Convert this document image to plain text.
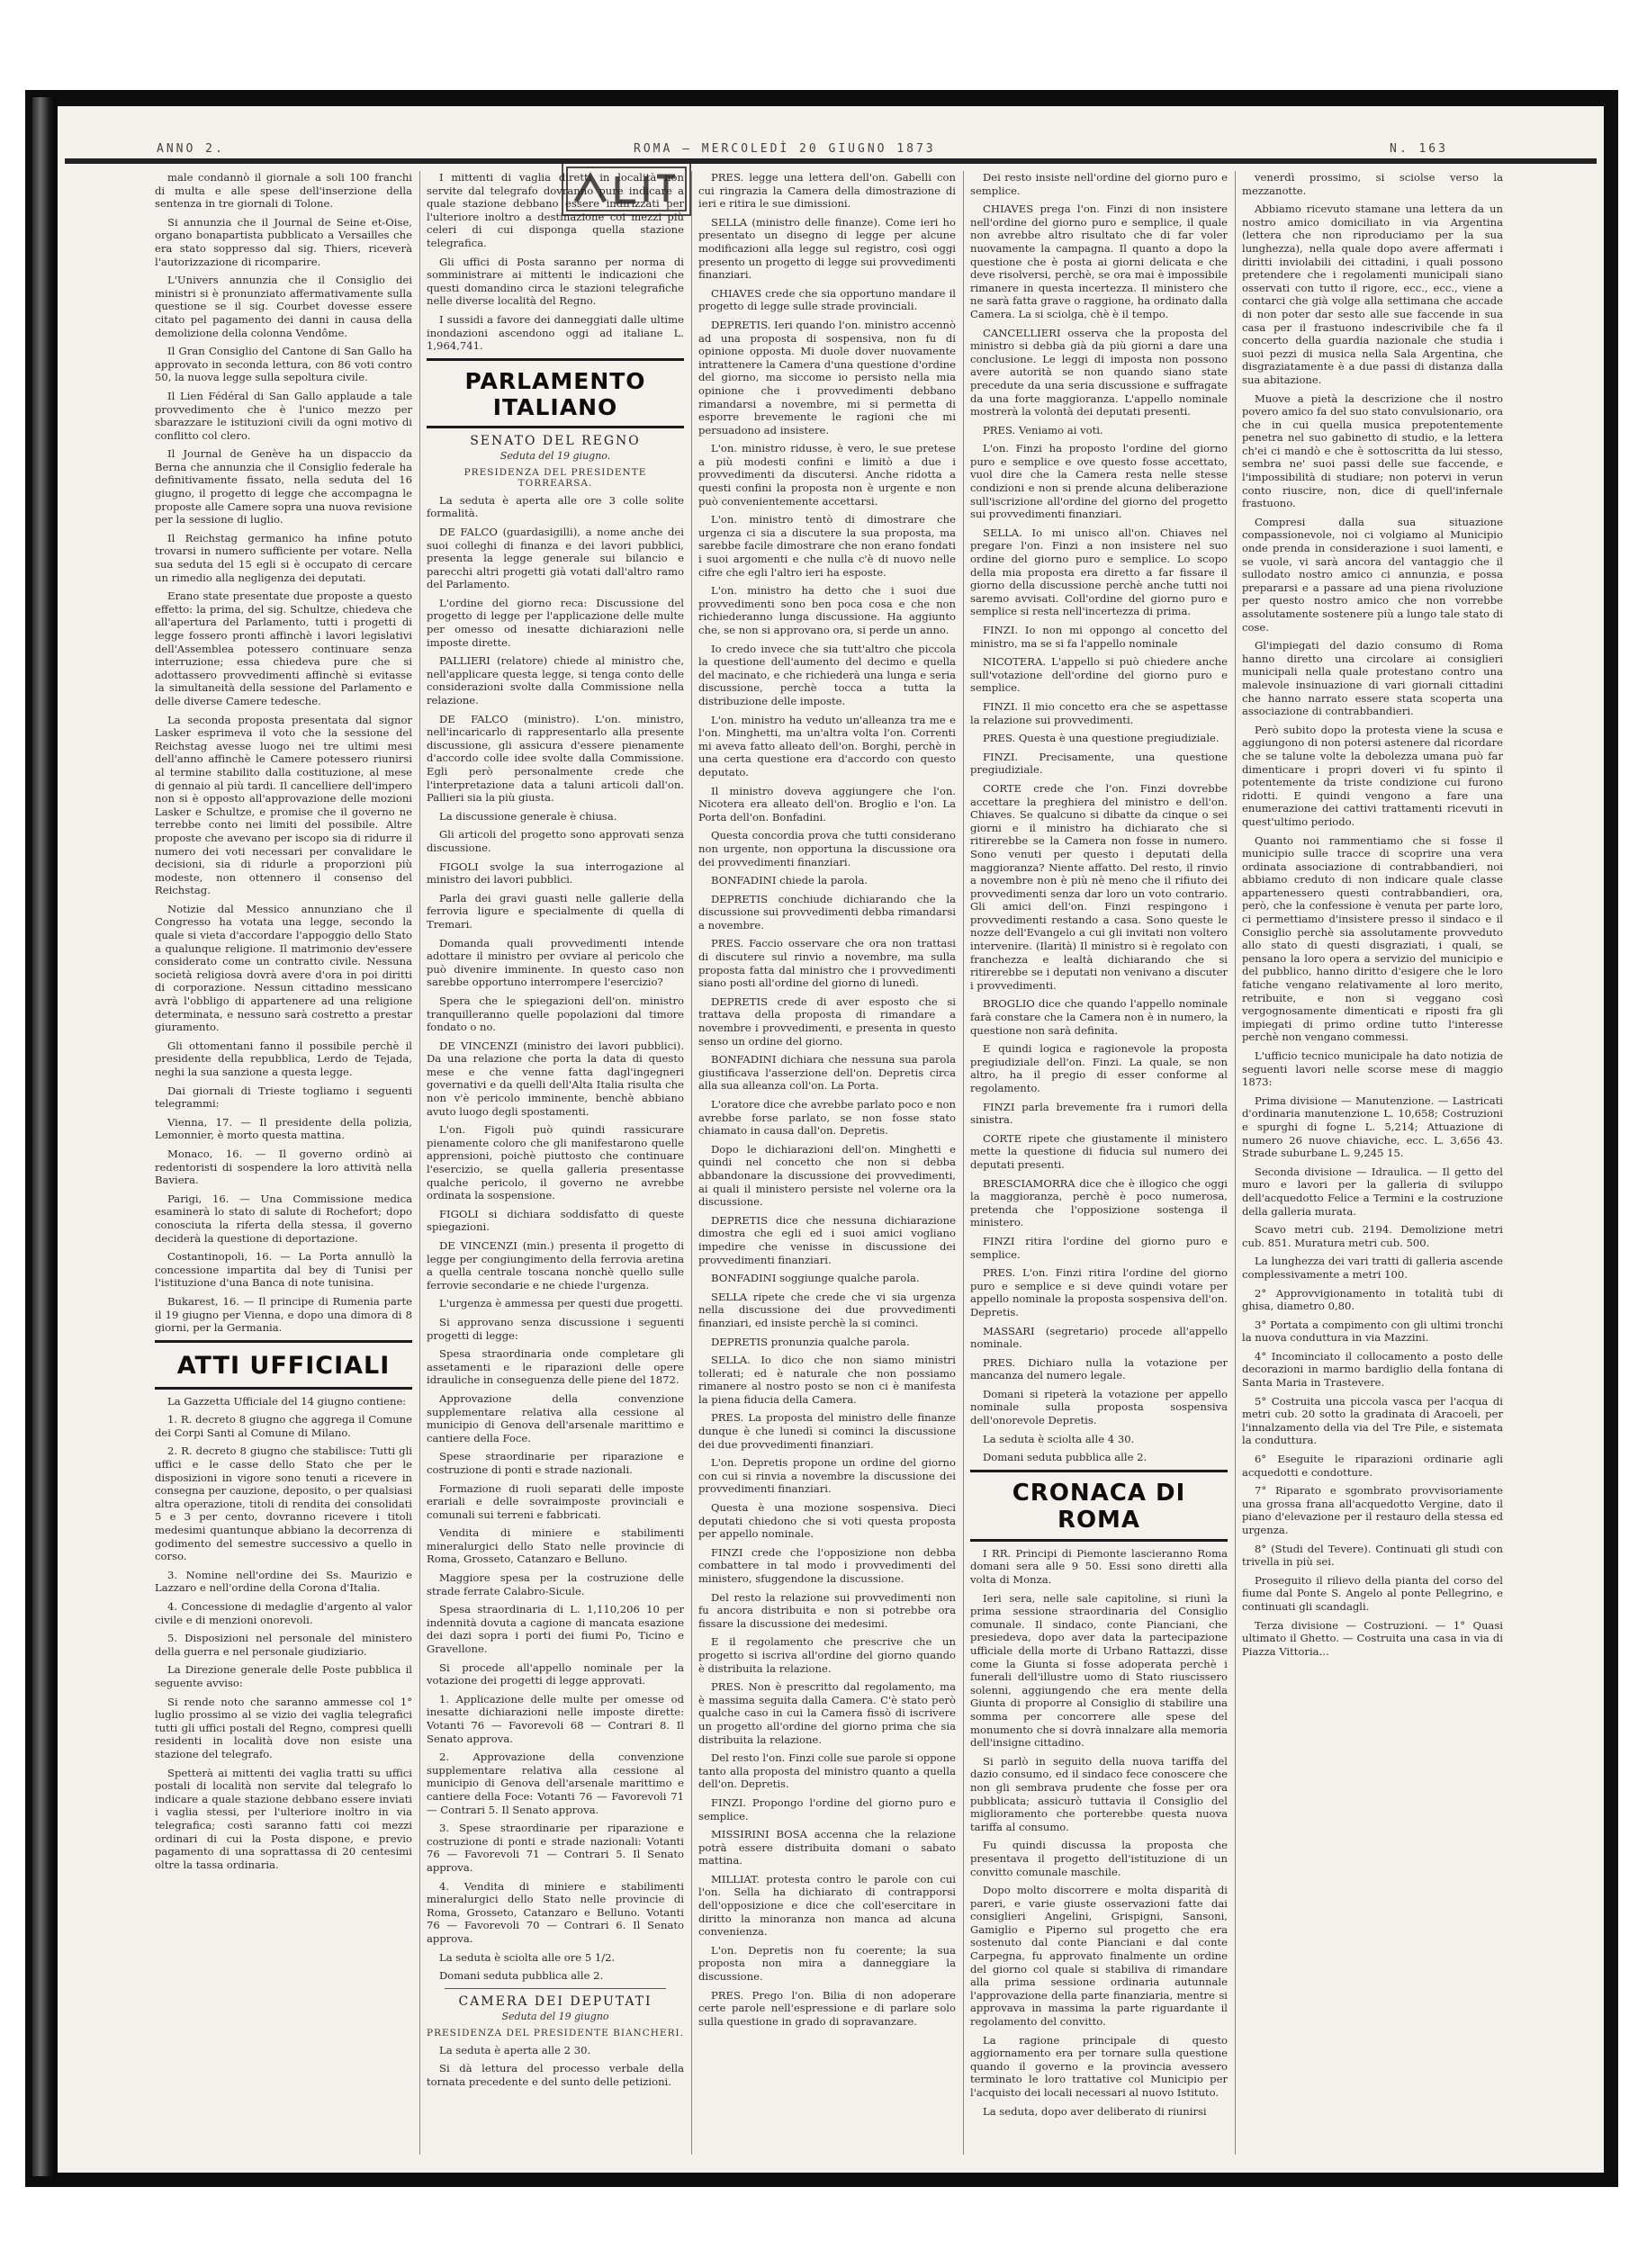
ANNO 2.	ROMA — MERCOLEDÌ 20 GIUGNO 1873	N. 163

male condannò il giornale a soli 100 franchi di multa e alle spese dell'inserzione della sentenza in tre giornali di Tolone.

Si annunzia che il Journal de Seine et-Oise, organo bonapartista pubblicato a Versailles che era stato soppresso dal sig. Thiers, riceverà l'autorizzazione di ricomparire.

L'Univers annunzia che il Consiglio dei ministri si è pronunziato affermativamente sulla questione se il sig. Courbet dovesse essere citato pel pagamento dei danni in causa della demolizione della colonna Vendôme.

Il Gran Consiglio del Cantone di San Gallo ha approvato in seconda lettura, con 86 voti contro 50, la nuova legge sulla sepoltura civile.

Il Lien Fédéral di San Gallo applaude a tale provvedimento che è l'unico mezzo per sbarazzare le istituzioni civili da ogni motivo di conflitto col clero.

Il Journal de Genève ha un dispaccio da Berna che annunzia che il Consiglio federale ha definitivamente fissato, nella seduta del 16 giugno, il progetto di legge che accompagna le proposte alle Camere sopra una nuova revisione per la sessione di luglio.

Il Reichstag germanico ha infine potuto trovarsi in numero sufficiente per votare. Nella sua seduta del 15 egli si è occupato di cercare un rimedio alla negligenza dei deputati.

Erano state presentate due proposte a questo effetto: la prima, del sig. Schultze, chiedeva che all'apertura del Parlamento, tutti i progetti di legge fossero pronti affinchè i lavori legislativi dell'Assemblea potessero continuare senza interruzione; essa chiedeva pure che si adottassero provvedimenti affinchè si evitasse la simultaneità della sessione del Parlamento e delle diverse Camere tedesche.

La seconda proposta presentata dal signor Lasker esprimeva il voto che la sessione del Reichstag avesse luogo nei tre ultimi mesi dell'anno affinchè le Camere potessero riunirsi al termine stabilito dalla costituzione, al mese di gennaio al più tardi. Il cancelliere dell'impero non si è opposto all'approvazione delle mozioni Lasker e Schultze, e promise che il governo ne terrebbe conto nei limiti del possibile. Altre proposte che avevano per iscopo sia di ridurre il numero dei voti necessari per convalidare le decisioni, sia di ridurle a proporzioni più modeste, non ottennero il consenso del Reichstag.

Notizie dal Messico annunziano che il Congresso ha votata una legge, secondo la quale si vieta d'accordare l'appoggio dello Stato a qualunque religione. Il matrimonio dev'essere considerato come un contratto civile. Nessuna società religiosa dovrà avere d'ora in poi diritti di corporazione. Nessun cittadino messicano avrà l'obbligo di appartenere ad una religione determinata, e nessuno sarà costretto a prestar giuramento.

Gli ottomentani fanno il possibile perchè il presidente della repubblica, Lerdo de Tejada, neghi la sua sanzione a questa legge.

Dai giornali di Trieste togliamo i seguenti telegrammi:

Vienna, 17. — Il presidente della polizia, Lemonnier, è morto questa mattina.

Monaco, 16. — Il governo ordinò ai redentoristi di sospendere la loro attività nella Baviera.

Parigi, 16. — Una Commissione medica esaminerà lo stato di salute di Rochefort; dopo conosciuta la riferta della stessa, il governo deciderà la questione di deportazione.

Costantinopoli, 16. — La Porta annullò la concessione impartita dal bey di Tunisi per l'istituzione d'una Banca di note tunisina.

Bukarest, 16. — Il principe di Rumenia parte il 19 giugno per Vienna, e dopo una dimora di 8 giorni, per la Germania.

ATTI UFFICIALI

La Gazzetta Ufficiale del 14 giugno contiene:

1. R. decreto 8 giugno che aggrega il Comune dei Corpi Santi al Comune di Milano.

2. R. decreto 8 giugno che stabilisce: Tutti gli uffici e le casse dello Stato che per le disposizioni in vigore sono tenuti a ricevere in consegna per cauzione, deposito, o per qualsiasi altra operazione, titoli di rendita dei consolidati 5 e 3 per cento, dovranno ricevere i titoli medesimi quantunque abbiano la decorrenza di godimento del semestre successivo a quello in corso.

3. Nomine nell'ordine dei Ss. Maurizio e Lazzaro e nell'ordine della Corona d'Italia.

4. Concessione di medaglie d'argento al valor civile e di menzioni onorevoli.

5. Disposizioni nel personale del ministero della guerra e nel personale giudiziario.

La Direzione generale delle Poste pubblica il seguente avviso:

Si rende noto che saranno ammesse col 1° luglio prossimo al se vizio dei vaglia telegrafici tutti gli uffici postali del Regno, compresi quelli residenti in località dove non esiste una stazione del telegrafo.

Spetterà ai mittenti dei vaglia tratti su uffici postali di località non servite dal telegrafo lo indicare a quale stazione debbano essere inviati i vaglia stessi, per l'ulteriore inoltro in via telegrafica; costì saranno fatti coi mezzi ordinari di cui la Posta dispone, e previo pagamento di una soprattassa di 20 centesimi oltre la tassa ordinaria.

I mittenti di vaglia diretti in località non servite dal telegrafo dovranno pure indicare a quale stazione debbano essere indirizzati per l'ulteriore inoltro a destinazione coi mezzi più celeri di cui disponga quella stazione telegrafica.

Gli uffici di Posta saranno per norma di somministrare ai mittenti le indicazioni che questi domandino circa le stazioni telegrafiche nelle diverse località del Regno.

I sussidi a favore dei danneggiati dalle ultime inondazioni ascendono oggi ad italiane L. 1,964,741.

PARLAMENTO ITALIANO
SENATO DEL REGNO
Seduta del 19 giugno.
PRESIDENZA DEL PRESIDENTE TORREARSA.

La seduta è aperta alle ore 3 colle solite formalità.

DE FALCO (guardasigilli), a nome anche dei suoi colleghi di finanza e dei lavori pubblici, presenta la legge generale sui bilancio e parecchi altri progetti già votati dall'altro ramo del Parlamento.

L'ordine del giorno reca: Discussione del progetto di legge per l'applicazione delle multe per omesso od inesatte dichiarazioni nelle imposte dirette.

PALLIERI (relatore) chiede al ministro che, nell'applicare questa legge, si tenga conto delle considerazioni svolte dalla Commissione nella relazione.

DE FALCO (ministro). L'on. ministro, nell'incaricarlo di rappresentarlo alla presente discussione, gli assicura d'essere pienamente d'accordo colle idee svolte dalla Commissione. Egli però personalmente crede che l'interpretazione data a taluni articoli dall'on. Pallieri sia la più giusta.

La discussione generale è chiusa.

Gli articoli del progetto sono approvati senza discussione.

FIGOLI svolge la sua interrogazione al ministro dei lavori pubblici.

Parla dei gravi guasti nelle gallerie della ferrovia ligure e specialmente di quella di Tremari.

Domanda quali provvedimenti intende adottare il ministro per ovviare al pericolo che può divenire imminente. In questo caso non sarebbe opportuno interrompere l'esercizio?

Spera che le spiegazioni dell'on. ministro tranquilleranno quelle popolazioni dal timore fondato o no.

DE VINCENZI (ministro dei lavori pubblici). Da una relazione che porta la data di questo mese e che venne fatta dagl'ingegneri governativi e da quelli dell'Alta Italia risulta che non v'è pericolo imminente, benchè abbiano avuto luogo degli spostamenti.

L'on. Figoli può quindi rassicurare pienamente coloro che gli manifestarono quelle apprensioni, poichè piuttosto che continuare l'esercizio, se quella galleria presentasse qualche pericolo, il governo ne avrebbe ordinata la sospensione.

FIGOLI si dichiara soddisfatto di queste spiegazioni.

DE VINCENZI (min.) presenta il progetto di legge per congiungimento della ferrovia aretina a quella centrale toscana nonchè quello sulle ferrovie secondarie e ne chiede l'urgenza.

L'urgenza è ammessa per questi due progetti.

Si approvano senza discussione i seguenti progetti di legge:

Spesa straordinaria onde completare gli assetamenti e le riparazioni delle opere idrauliche in conseguenza delle piene del 1872.

Approvazione della convenzione supplementare relativa alla cessione al municipio di Genova dell'arsenale marittimo e cantiere della Foce.

Spese straordinarie per riparazione e costruzione di ponti e strade nazionali.

Formazione di ruoli separati delle imposte erariali e delle sovraimposte provinciali e comunali sui terreni e fabbricati.

Vendita di miniere e stabilimenti mineralurgici dello Stato nelle provincie di Roma, Grosseto, Catanzaro e Belluno.

Maggiore spesa per la costruzione delle strade ferrate Calabro-Sicule.

Spesa straordinaria di L. 1,110,206 10 per indennità dovuta a cagione di mancata esazione dei dazi sopra i porti dei fiumi Po, Ticino e Gravellone.

Si procede all'appello nominale per la votazione dei progetti di legge approvati.

1. Applicazione delle multe per omesse od inesatte dichiarazioni nelle imposte dirette: Votanti 76 — Favorevoli 68 — Contrari 8. Il Senato approva.

2. Approvazione della convenzione supplementare relativa alla cessione al municipio di Genova dell'arsenale marittimo e cantiere della Foce: Votanti 76 — Favorevoli 71 — Contrari 5. Il Senato approva.

3. Spese straordinarie per riparazione e costruzione di ponti e strade nazionali: Votanti 76 — Favorevoli 71 — Contrari 5. Il Senato approva.

4. Vendita di miniere e stabilimenti mineralurgici dello Stato nelle provincie di Roma, Grosseto, Catanzaro e Belluno. Votanti 76 — Favorevoli 70 — Contrari 6. Il Senato approva.

La seduta è sciolta alle ore 5 1/2.

Domani seduta pubblica alle 2.

CAMERA DEI DEPUTATI
Seduta del 19 giugno
PRESIDENZA DEL PRESIDENTE BIANCHERI.

La seduta è aperta alle 2 30.

Si dà lettura del processo verbale della tornata precedente e del sunto delle petizioni.

PRES. legge una lettera dell'on. Gabelli con cui ringrazia la Camera della dimostrazione di ieri e ritira le sue dimissioni.

SELLA (ministro delle finanze). Come ieri ho presentato un disegno di legge per alcune modificazioni alla legge sul registro, così oggi presento un progetto di legge sui provvedimenti finanziari.

CHIAVES crede che sia opportuno mandare il progetto di legge sulle strade provinciali.

DEPRETIS. Ieri quando l'on. ministro accennò ad una proposta di sospensiva, non fu di opinione opposta. Mi duole dover nuovamente intrattenere la Camera d'una questione d'ordine del giorno, ma siccome io persisto nella mia opinione che i provvedimenti debbano rimandarsi a novembre, mi si permetta di esporre brevemente le ragioni che mi persuadono ad insistere.

L'on. ministro ridusse, è vero, le sue pretese a più modesti confini e limitò a due i provvedimenti da discutersi. Anche ridotta a questi confini la proposta non è urgente e non può convenientemente accettarsi.

L'on. ministro tentò di dimostrare che urgenza ci sia a discutere la sua proposta, ma sarebbe facile dimostrare che non erano fondati i suoi argomenti e che nulla c'è di nuovo nelle cifre che egli l'altro ieri ha esposte.

L'on. ministro ha detto che i suoi due provvedimenti sono ben poca cosa e che non richiederanno lunga discussione. Ha aggiunto che, se non si approvano ora, si perde un anno.

Io credo invece che sia tutt'altro che piccola la questione dell'aumento del decimo e quella del macinato, e che richiederà una lunga e seria discussione, perchè tocca a tutta la distribuzione delle imposte.

L'on. ministro ha veduto un'alleanza tra me e l'on. Minghetti, ma un'altra volta l'on. Correnti mi aveva fatto alleato dell'on. Borghi, perchè in una certa questione era d'accordo con questo deputato.

Il ministro doveva aggiungere che l'on. Nicotera era alleato dell'on. Broglio e l'on. La Porta dell'on. Bonfadini.

Questa concordia prova che tutti considerano non urgente, non opportuna la discussione ora dei provvedimenti finanziari.

BONFADINI chiede la parola.

DEPRETIS conchiude dichiarando che la discussione sui provvedimenti debba rimandarsi a novembre.

PRES. Faccio osservare che ora non trattasi di discutere sul rinvio a novembre, ma sulla proposta fatta dal ministro che i provvedimenti siano posti all'ordine del giorno di lunedì.

DEPRETIS crede di aver esposto che si trattava della proposta di rimandare a novembre i provvedimenti, e presenta in questo senso un ordine del giorno.

BONFADINI dichiara che nessuna sua parola giustificava l'asserzione dell'on. Depretis circa alla sua alleanza coll'on. La Porta.

L'oratore dice che avrebbe parlato poco e non avrebbe forse parlato, se non fosse stato chiamato in causa dall'on. Depretis.

Dopo le dichiarazioni dell'on. Minghetti e quindi nel concetto che non si debba abbandonare la discussione dei provvedimenti, ai quali il ministero persiste nel volerne ora la discussione.

DEPRETIS dice che nessuna dichiarazione dimostra che egli ed i suoi amici vogliano impedire che venisse in discussione dei provvedimenti finanziari.

BONFADINI soggiunge qualche parola.

SELLA ripete che crede che vi sia urgenza nella discussione dei due provvedimenti finanziari, ed insiste perchè la si cominci.

DEPRETIS pronunzia qualche parola.

SELLA. Io dico che non siamo ministri tollerati; ed è naturale che non possiamo rimanere al nostro posto se non ci è manifesta la piena fiducia della Camera.

PRES. La proposta del ministro delle finanze dunque è che lunedì si cominci la discussione dei due provvedimenti finanziari.

L'on. Depretis propone un ordine del giorno con cui si rinvia a novembre la discussione dei provvedimenti finanziari.

Questa è una mozione sospensiva. Dieci deputati chiedono che si voti questa proposta per appello nominale.

FINZI crede che l'opposizione non debba combattere in tal modo i provvedimenti del ministero, sfuggendone la discussione.

Del resto la relazione sui provvedimenti non fu ancora distribuita e non si potrebbe ora fissare la discussione dei medesimi.

E il regolamento che prescrive che un progetto si iscriva all'ordine del giorno quando è distribuita la relazione.

PRES. Non è prescritto dal regolamento, ma è massima seguita dalla Camera. C'è stato però qualche caso in cui la Camera fissò di iscrivere un progetto all'ordine del giorno prima che sia distribuita la relazione.

Del resto l'on. Finzi colle sue parole si oppone tanto alla proposta del ministro quanto a quella dell'on. Depretis.

FINZI. Propongo l'ordine del giorno puro e semplice.

MISSIRINI BOSA accenna che la relazione potrà essere distribuita domani o sabato mattina.

MILLIAT. protesta contro le parole con cui l'on. Sella ha dichiarato di contrapporsi dell'opposizione e dice che coll'esercitare in diritto la minoranza non manca ad alcuna convenienza.

L'on. Depretis non fu coerente; la sua proposta non mira a danneggiare la discussione.

PRES. Prego l'on. Bilia di non adoperare certe parole nell'espressione e di parlare solo sulla questione in grado di sopravanzare.

Dei resto insiste nell'ordine del giorno puro e semplice.

CHIAVES prega l'on. Finzi di non insistere nell'ordine del giorno puro e semplice, il quale non avrebbe altro risultato che di far voler nuovamente la campagna. Il quanto a dopo la questione che è posta ai giorni delicata e che deve risolversi, perchè, se ora mai è impossibile rimanere in questa incertezza. Il ministero che ne sarà fatta grave o raggione, ha ordinato dalla Camera. La si sciolga, chè è il tempo.

CANCELLIERI osserva che la proposta del ministro si debba già da più giorni a dare una conclusione. Le leggi di imposta non possono avere autorità se non quando siano state precedute da una seria discussione e suffragate da una forte maggioranza. L'appello nominale mostrerà la volontà dei deputati presenti.

PRES. Veniamo ai voti.

L'on. Finzi ha proposto l'ordine del giorno puro e semplice e ove questo fosse accettato, vuol dire che la Camera resta nelle stesse condizioni e non si prende alcuna deliberazione sull'iscrizione all'ordine del giorno del progetto sui provvedimenti finanziari.

SELLA. Io mi unisco all'on. Chiaves nel pregare l'on. Finzi a non insistere nel suo ordine del giorno puro e semplice. Lo scopo della mia proposta era diretto a far fissare il giorno della discussione perchè anche tutti noi saremo avvisati. Coll'ordine del giorno puro e semplice si resta nell'incertezza di prima.

FINZI. Io non mi oppongo al concetto del ministro, ma se si fa l'appello nominale

NICOTERA. L'appello si può chiedere anche sull'votazione dell'ordine del giorno puro e semplice.

FINZI. Il mio concetto era che se aspettasse la relazione sui provvedimenti.

PRES. Questa è una questione pregiudiziale.

FINZI. Precisamente, una questione pregiudiziale.

CORTE crede che l'on. Finzi dovrebbe accettare la preghiera del ministro e dell'on. Chiaves. Se qualcuno si dibatte da cinque o sei giorni e il ministro ha dichiarato che si ritirerebbe se la Camera non fosse in numero. Sono venuti per questo i deputati della maggioranza? Niente affatto. Del resto, il rinvio a novembre non è più nè meno che il rifiuto dei provvedimenti senza dar loro un voto contrario. Gli amici dell'on. Finzi respingono i provvedimenti restando a casa. Sono queste le nozze dell'Evangelo a cui gli invitati non voltero intervenire. (Ilarità) Il ministro si è regolato con franchezza e lealtà dichiarando che si ritirerebbe se i deputati non venivano a discuter i provvedimenti.

BROGLIO dice che quando l'appello nominale farà constare che la Camera non è in numero, la questione non sarà definita.

E quindi logica e ragionevole la proposta pregiudiziale dell'on. Finzi. La quale, se non altro, ha il pregio di esser conforme al regolamento.

FINZI parla brevemente fra i rumori della sinistra.

CORTE ripete che giustamente il ministero mette la questione di fiducia sul numero dei deputati presenti.

BRESCIAMORRA dice che è illogico che oggi la maggioranza, perchè è poco numerosa, pretenda che l'opposizione sostenga il ministero.

FINZI ritira l'ordine del giorno puro e semplice.

PRES. L'on. Finzi ritira l'ordine del giorno puro e semplice e si deve quindi votare per appello nominale la proposta sospensiva dell'on. Depretis.

MASSARI (segretario) procede all'appello nominale.

PRES. Dichiaro nulla la votazione per mancanza del numero legale.

Domani si ripeterà la votazione per appello nominale sulla proposta sospensiva dell'onorevole Depretis.

La seduta è sciolta alle 4 30.

Domani seduta pubblica alle 2.

CRONACA DI ROMA

I RR. Principi di Piemonte lascieranno Roma domani sera alle 9 50. Essi sono diretti alla volta di Monza.

Ieri sera, nelle sale capitoline, si riunì la prima sessione straordinaria del Consiglio comunale. Il sindaco, conte Pianciani, che presiedeva, dopo aver data la partecipazione ufficiale della morte di Urbano Rattazzi, disse come la Giunta si fosse adoperata perchè i funerali dell'illustre uomo di Stato riuscissero solenni, aggiungendo che era mente della Giunta di proporre al Consiglio di stabilire una somma per concorrere alle spese del monumento che si dovrà innalzare alla memoria dell'insigne cittadino.

Si parlò in seguito della nuova tariffa del dazio consumo, ed il sindaco fece conoscere che non gli sembrava prudente che fosse per ora pubblicata; assicurò tuttavia il Consiglio del miglioramento che porterebbe questa nuova tariffa al consumo.

Fu quindi discussa la proposta che presentava il progetto dell'istituzione di un convitto comunale maschile.

Dopo molto discorrere e molta disparità di pareri, e varie giuste osservazioni fatte dai consiglieri Angelini, Grispigni, Sansoni, Gamiglio e Piperno sul progetto che era sostenuto dal conte Pianciani e dal conte Carpegna, fu approvato finalmente un ordine del giorno col quale si stabiliva di rimandare alla prima sessione ordinaria autunnale l'approvazione della parte finanziaria, mentre si approvava in massima la parte riguardante il regolamento del convitto.

La ragione principale di questo aggiornamento era per tornare sulla questione quando il governo e la provincia avessero terminato le loro trattative col Municipio per l'acquisto dei locali necessari al nuovo Istituto.

La seduta, dopo aver deliberato di riunirsi

venerdì prossimo, si sciolse verso la mezzanotte.

Abbiamo ricevuto stamane una lettera da un nostro amico domiciliato in via Argentina (lettera che non riproduciamo per la sua lunghezza), nella quale dopo avere affermati i diritti inviolabili dei cittadini, i quali possono pretendere che i regolamenti municipali siano osservati con tutto il rigore, ecc., ecc., viene a contarci che già volge alla settimana che accade di non poter dar sesto alle sue faccende in sua casa per il frastuono indescrivibile che fa il concerto della guardia nazionale che studia i suoi pezzi di musica nella Sala Argentina, che disgraziatamente è a due passi di distanza dalla sua abitazione.

Muove a pietà la descrizione che il nostro povero amico fa del suo stato convulsionario, ora che in cui quella musica prepotentemente penetra nel suo gabinetto di studio, e la lettera ch'ei ci mandò e che è sottoscritta da lui stesso, sembra ne' suoi passi delle sue faccende, e l'impossibilità di studiare; non potervi in verun conto riuscire, non, dice di quell'infernale frastuono.

Compresi dalla sua situazione compassionevole, noi ci volgiamo al Municipio onde prenda in considerazione i suoi lamenti, e se vuole, vi sarà ancora del vantaggio che il sullodato nostro amico ci annunzia, e possa prepararsi e a passare ad una piena rivoluzione per questo nostro amico che non vorrebbe assolutamente sostenere più a lungo tale stato di cose.

Gl'impiegati del dazio consumo di Roma hanno diretto una circolare ai consiglieri municipali nella quale protestano contro una malevole insinuazione di vari giornali cittadini che hanno narrato essere stata scoperta una associazione di contrabbandieri.

Però subito dopo la protesta viene la scusa e aggiungono di non potersi astenere dal ricordare che se talune volte la debolezza umana può far dimenticare i propri doveri vi fu spinto il potentemente da triste condizione cui furono ridotti. E quindi vengono a fare una enumerazione dei cattivi trattamenti ricevuti in quest'ultimo periodo.

Quanto noi rammentiamo che si fosse il municipio sulle tracce di scoprire una vera ordinata associazione di contrabbandieri, noi abbiamo creduto di non indicare quale classe appartenessero questi contrabbandieri, ora, però, che la confessione è venuta per parte loro, ci permettiamo d'insistere presso il sindaco e il Consiglio perchè sia assolutamente provveduto allo stato di questi disgraziati, i quali, se pensano la loro opera a servizio del municipio e del pubblico, hanno diritto d'esigere che le loro fatiche vengano relativamente al loro merito, retribuite, e non si veggano così vergognosamente dimenticati e riposti fra gli impiegati di primo ordine tutto l'interesse perchè non vengano commessi.

L'ufficio tecnico municipale ha dato notizia de seguenti lavori nelle scorse mese di maggio 1873:

Prima divisione — Manutenzione. — Lastricati d'ordinaria manutenzione L. 10,658; Costruzioni e spurghi di fogne L. 5,214; Attuazione di numero 26 nuove chiaviche, ecc. L. 3,656 43. Strade suburbane L. 9,245 15.

Seconda divisione — Idraulica. — Il getto del muro e lavori per la galleria di sviluppo dell'acquedotto Felice a Termini e la costruzione della galleria murata.

Scavo metri cub. 2194. Demolizione metri cub. 851. Muratura metri cub. 500.

La lunghezza dei vari tratti di galleria ascende complessivamente a metri 100.

2° Approvvigionamento in totalità tubi di ghisa, diametro 0,80.

3° Portata a compimento con gli ultimi tronchi la nuova conduttura in via Mazzini.

4° Incominciato il collocamento a posto delle decorazioni in marmo bardiglio della fontana di Santa Maria in Trastevere.

5° Costruita una piccola vasca per l'acqua di metri cub. 20 sotto la gradinata di Aracoeli, per l'innalzamento della via del Tre Pile, e sistemata la conduttura.

6° Eseguite le riparazioni ordinarie agli acquedotti e condotture.

7° Riparato e sgombrato provvisoriamente una grossa frana all'acquedotto Vergine, dato il piano d'elevazione per il restauro della stessa ed urgenza.

8° (Studi del Tevere). Continuati gli studi con trivella in più sei.

Proseguito il rilievo della pianta del corso del fiume dal Ponte S. Angelo al ponte Pellegrino, e continuati gli scandagli.

Terza divisione — Costruzioni. — 1° Quasi ultimato il Ghetto. — Costruita una casa in via di Piazza Vittoria...
